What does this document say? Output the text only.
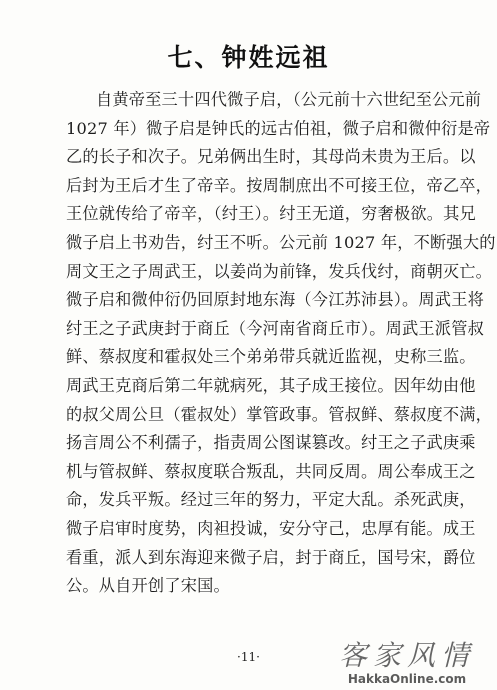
七、钟姓远祖
自黄帝至三十四代微子启，（公元前十六世纪至公元前
1027 年）微子启是钟氏的远古伯祖，微子启和微仲衍是帝
乙的长子和次子。兄弟俩出生时，其母尚未贵为王后。以
后封为王后才生了帝辛。按周制庶出不可接王位，帝乙卒，
王位就传给了帝辛，（纣王）。纣王无道，穷奢极欲。其兄
微子启上书劝告，纣王不听。公元前 1027 年，不断强大的
周文王之子周武王，以姜尚为前锋，发兵伐纣，商朝灭亡。
微子启和微仲衍仍回原封地东海（今江苏沛县）。周武王将
纣王之子武庚封于商丘（今河南省商丘市）。周武王派管叔
鲜、蔡叔度和霍叔处三个弟弟带兵就近监视，史称三监。
周武王克商后第二年就病死，其子成王接位。因年幼由他
的叔父周公旦（霍叔处）掌管政事。管叔鲜、蔡叔度不满，
扬言周公不利孺子，指责周公图谋篡改。纣王之子武庚乘
机与管叔鲜、蔡叔度联合叛乱，共同反周。周公奉成王之
命，发兵平叛。经过三年的努力，平定大乱。杀死武庚，
微子启审时度势，肉袒投诚，安分守己，忠厚有能。成王
看重，派人到东海迎来微子启，封于商丘，国号宋，爵位
公。从自开创了宋国。
·11·	客家风情
HakkaOnline.com
